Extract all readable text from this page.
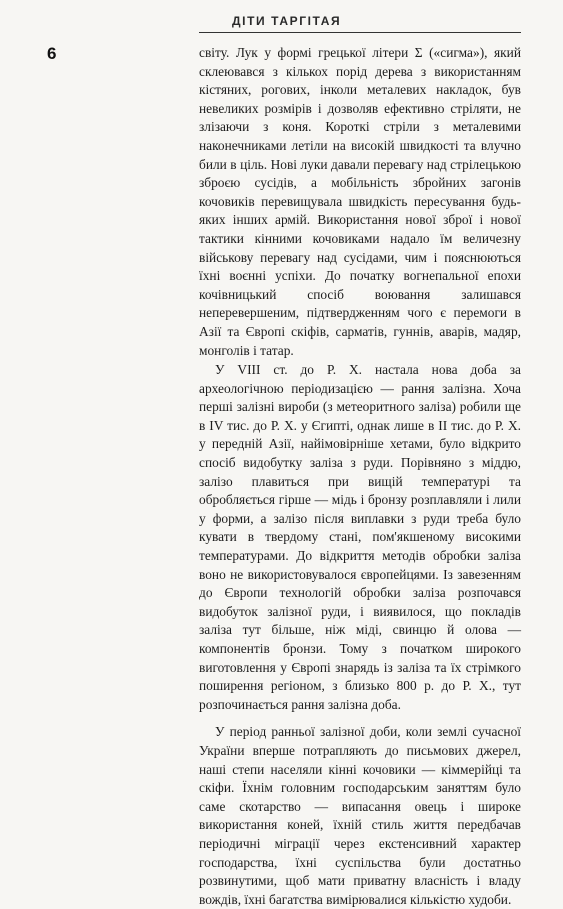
ДІТИ ТАРГІТАЯ
6	світу. Лук у формі грецької літери Σ («сигма»), який склеювався з кількох порід дерева з використанням кістяних, рогових, інколи металевих накладок, був невеликих розмірів і дозволяв ефективно стріляти, не злізаючи з коня. Короткі стріли з металевими наконечниками летіли на високій швидкості та влучно били в ціль. Нові луки давали перевагу над стрілецькою зброєю сусідів, а мобільність збройних загонів кочовиків перевищувала швидкість пересування будь-яких інших армій. Використання нової зброї і нової тактики кінними кочовиками надало їм величезну військову перевагу над сусідами, чим і пояснюються їхні воєнні успіхи. До початку вогнепальної епохи кочівницький спосіб воювання залишався неперевершеним, підтвердженням чого є перемоги в Азії та Європі скіфів, сарматів, гуннів, аварів, мадяр, монголів і татар.

У VIII ст. до Р. Х. настала нова доба за археологічною періодизацією — рання залізна. Хоча перші залізні вироби (з метеоритного заліза) робили ще в IV тис. до Р. Х. у Єгипті, однак лише в II тис. до Р. Х. у передній Азії, найімовірніше хетами, було відкрито спосіб видобутку заліза з руди. Порівняно з міддю, залізо плавиться при вищій температурі та обробляється гірше — мідь і бронзу розплавляли і лили у форми, а залізо після виплавки з руди треба було кувати в твердому стані, пом'якшеному високими температурами. До відкриття методів обробки заліза воно не використовувалося європейцями. Із завезенням до Європи технологій обробки заліза розпочався видобуток залізної руди, і виявилося, що покладів заліза тут більше, ніж міді, свинцю й олова — компонентів бронзи. Тому з початком широкого виготовлення у Європі знарядь із заліза та їх стрімкого поширення регіоном, з близько 800 р. до Р. Х., тут розпочинається рання залізна доба.

У період ранньої залізної доби, коли землі сучасної України вперше потрапляють до письмових джерел, наші степи населяли кінні кочовики — кіммерійці та скіфи. Їхнім головним господарським заняттям було саме скотарство — випасання овець і широке використання коней, їхній стиль життя передбачав періодичні міграції через екстенсивний характер господарства, їхні суспільства були достатньо розвинутими, щоб мати приватну власність і владу вождів, їхні багатства вимірювалися кількістю худоби.
